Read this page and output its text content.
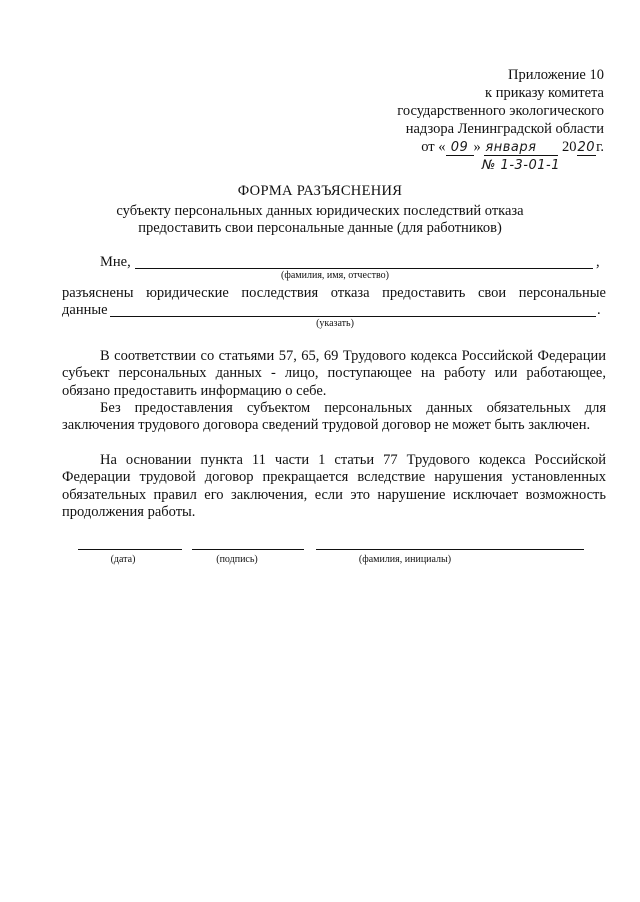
Приложение 10
к приказу комитета
государственного экологического
надзора Ленинградской области
от « 09 » января 2020г.
№ 1-3-01-1
ФОРМА РАЗЪЯСНЕНИЯ
субъекту персональных данных юридических последствий отказа
предоставить свои персональные данные (для работников)
Мне,	,
(фамилия, имя, отчество)
разъяснены юридические последствия отказа предоставить свои персональные
данные	.
(указать)

В соответствии со статьями 57, 65, 69 Трудового кодекса Российской Федерации субъект персональных данных - лицо, поступающее на работу или работающее, обязано предоставить информацию о себе.

Без предоставления субъектом персональных данных обязательных для заключения трудового договора сведений трудовой договор не может быть заключен.

На основании пункта 11 части 1 статьи 77 Трудового кодекса Российской Федерации трудовой договор прекращается вследствие нарушения установленных обязательных правил его заключения, если это нарушение исключает возможность продолжения работы.

(дата)	(подпись)	(фамилия, инициалы)
